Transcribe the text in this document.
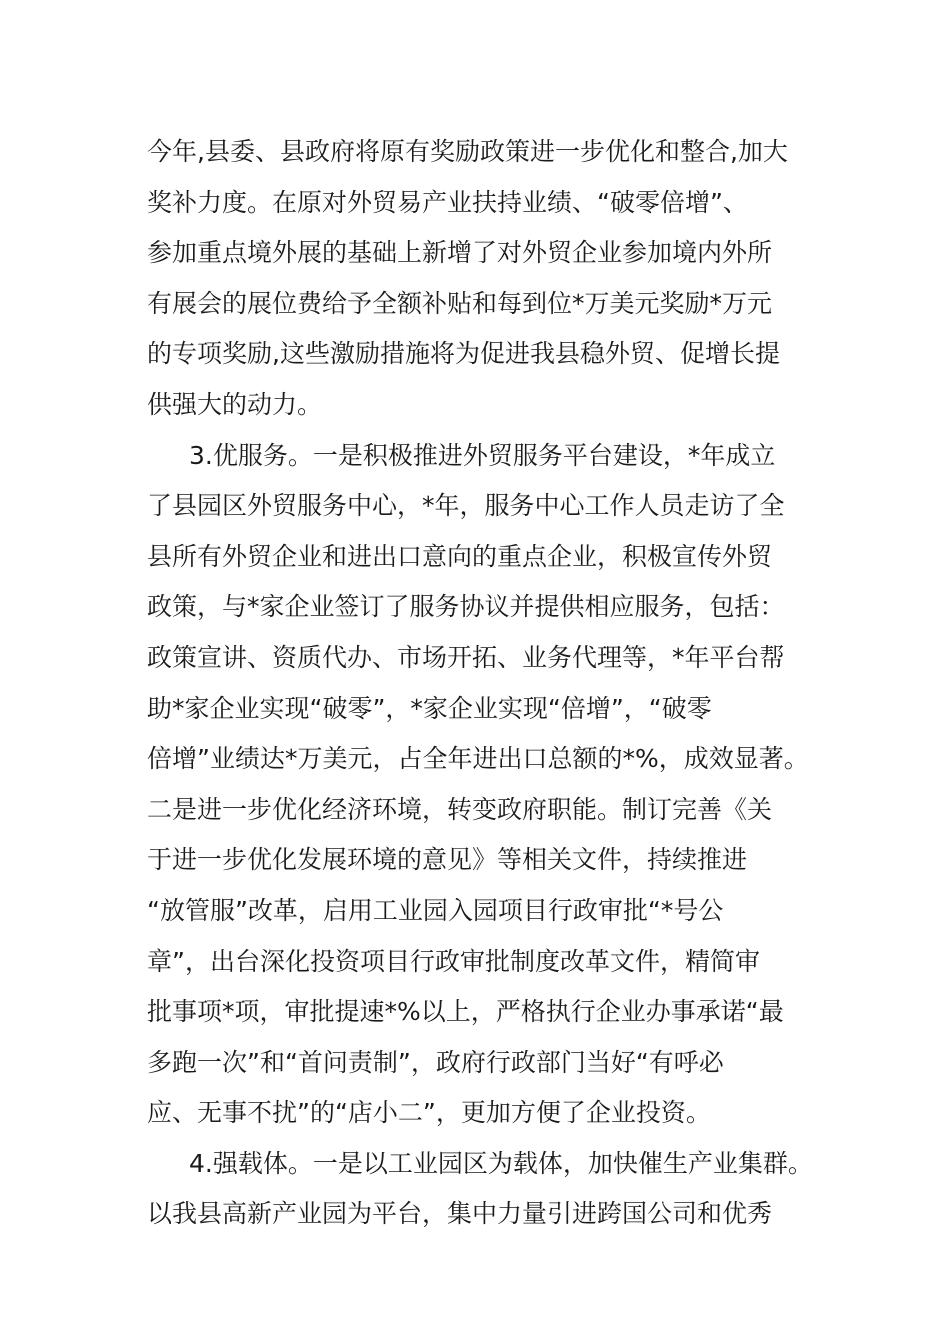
今年,县委、县政府将原有奖励政策进一步优化和整合,加大
奖补力度。在原对外贸易产业扶持业绩、“破零倍增”、
参加重点境外展的基础上新增了对外贸企业参加境内外所
有展会的展位费给予全额补贴和每到位*万美元奖励*万元
的专项奖励,这些激励措施将为促进我县稳外贸、促增长提
供强大的动力。
3.优服务。一是积极推进外贸服务平台建设，*年成立
了县园区外贸服务中心，*年，服务中心工作人员走访了全
县所有外贸企业和进出口意向的重点企业，积极宣传外贸
政策，与*家企业签订了服务协议并提供相应服务，包括：
政策宣讲、资质代办、市场开拓、业务代理等，*年平台帮
助*家企业实现“破零”，*家企业实现“倍增”，“破零
倍增”业绩达*万美元，占全年进出口总额的*%，成效显著。
二是进一步优化经济环境，转变政府职能。制订完善《关
于进一步优化发展环境的意见》等相关文件，持续推进
“放管服”改革，启用工业园入园项目行政审批“*号公
章”，出台深化投资项目行政审批制度改革文件，精简审
批事项*项，审批提速*%以上，严格执行企业办事承诺“最
多跑一次”和“首问责制”，政府行政部门当好“有呼必
应、无事不扰”的“店小二”，更加方便了企业投资。
4.强载体。一是以工业园区为载体，加快催生产业集群。
以我县高新产业园为平台，集中力量引进跨国公司和优秀
